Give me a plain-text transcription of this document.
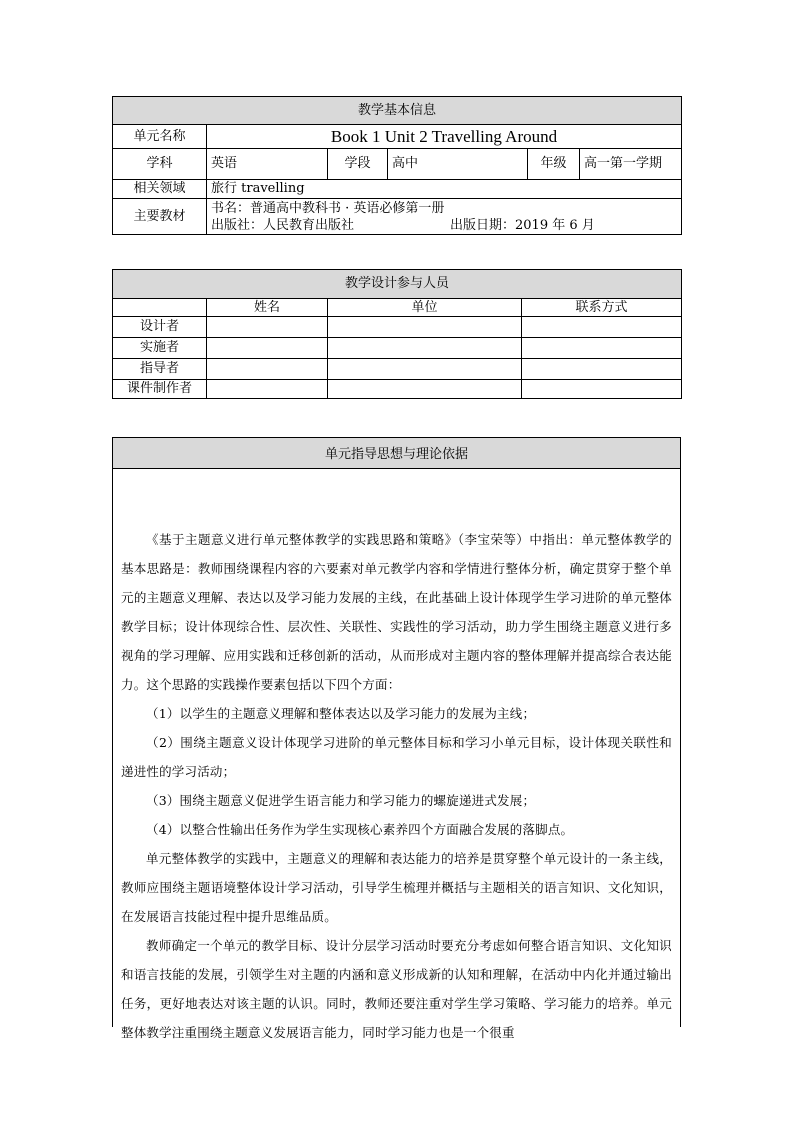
教学基本信息					
单元名称	Book 1 Unit 2 Travelling Around				
学科	英语	学段	高中	年级	高一第一学期
相关领域	旅行 travelling				
主要教材	书名：普通高中教科书 · 英语必修第一册
出版社：人民教育出版社 出版日期：2019 年 6 月				
教学设计参与人员			
	姓名	单位	联系方式
设计者			
实施者			
指导者			
课件制作者			
单元指导思想与理论依据

《基于主题意义进行单元整体教学的实践思路和策略》（李宝荣等）中指出：单元整体教学的基本思路是：教师围绕课程内容的六要素对单元教学内容和学情进行整体分析，确定贯穿于整个单元的主题意义理解、表达以及学习能力发展的主线，在此基础上设计体现学生学习进阶的单元整体教学目标；设计体现综合性、层次性、关联性、实践性的学习活动，助力学生围绕主题意义进行多视角的学习理解、应用实践和迁移创新的活动，从而形成对主题内容的整体理解并提高综合表达能力。这个思路的实践操作要素包括以下四个方面：

（1）以学生的主题意义理解和整体表达以及学习能力的发展为主线；

（2）围绕主题意义设计体现学习进阶的单元整体目标和学习小单元目标，设计体现关联性和递进性的学习活动；

（3）围绕主题意义促进学生语言能力和学习能力的螺旋递进式发展；

（4）以整合性输出任务作为学生实现核心素养四个方面融合发展的落脚点。

单元整体教学的实践中，主题意义的理解和表达能力的培养是贯穿整个单元设计的一条主线，教师应围绕主题语境整体设计学习活动，引导学生梳理并概括与主题相关的语言知识、文化知识，在发展语言技能过程中提升思维品质。

教师确定一个单元的教学目标、设计分层学习活动时要充分考虑如何整合语言知识、文化知识和语言技能的发展，引领学生对主题的内涵和意义形成新的认知和理解，在活动中内化并通过输出任务，更好地表达对该主题的认识。同时，教师还要注重对学生学习策略、学习能力的培养。单元整体教学注重围绕主题意义发展语言能力，同时学习能力也是一个很重
